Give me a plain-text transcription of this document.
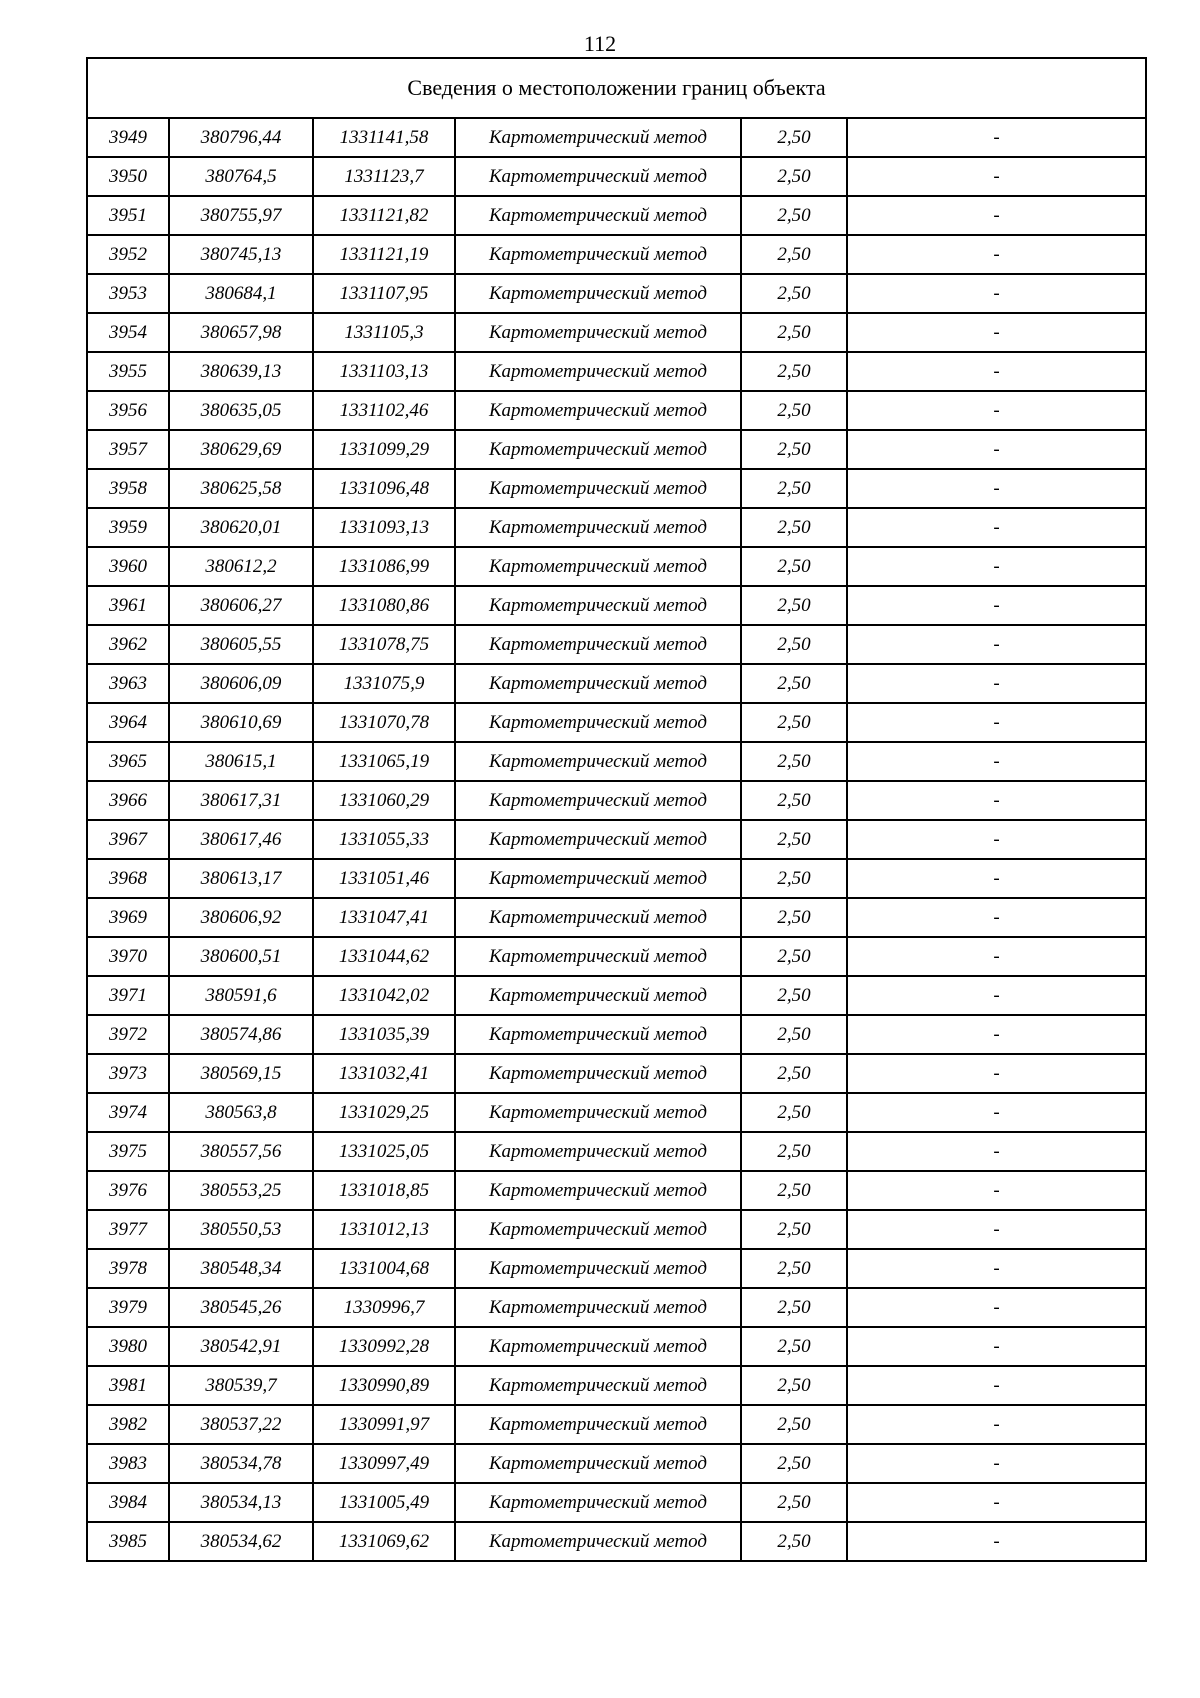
112
Сведения о местоположении границ объекта					
3949	380796,44	1331141,58	Картометрический метод	2,50	-
3950	380764,5	1331123,7	Картометрический метод	2,50	-
3951	380755,97	1331121,82	Картометрический метод	2,50	-
3952	380745,13	1331121,19	Картометрический метод	2,50	-
3953	380684,1	1331107,95	Картометрический метод	2,50	-
3954	380657,98	1331105,3	Картометрический метод	2,50	-
3955	380639,13	1331103,13	Картометрический метод	2,50	-
3956	380635,05	1331102,46	Картометрический метод	2,50	-
3957	380629,69	1331099,29	Картометрический метод	2,50	-
3958	380625,58	1331096,48	Картометрический метод	2,50	-
3959	380620,01	1331093,13	Картометрический метод	2,50	-
3960	380612,2	1331086,99	Картометрический метод	2,50	-
3961	380606,27	1331080,86	Картометрический метод	2,50	-
3962	380605,55	1331078,75	Картометрический метод	2,50	-
3963	380606,09	1331075,9	Картометрический метод	2,50	-
3964	380610,69	1331070,78	Картометрический метод	2,50	-
3965	380615,1	1331065,19	Картометрический метод	2,50	-
3966	380617,31	1331060,29	Картометрический метод	2,50	-
3967	380617,46	1331055,33	Картометрический метод	2,50	-
3968	380613,17	1331051,46	Картометрический метод	2,50	-
3969	380606,92	1331047,41	Картометрический метод	2,50	-
3970	380600,51	1331044,62	Картометрический метод	2,50	-
3971	380591,6	1331042,02	Картометрический метод	2,50	-
3972	380574,86	1331035,39	Картометрический метод	2,50	-
3973	380569,15	1331032,41	Картометрический метод	2,50	-
3974	380563,8	1331029,25	Картометрический метод	2,50	-
3975	380557,56	1331025,05	Картометрический метод	2,50	-
3976	380553,25	1331018,85	Картометрический метод	2,50	-
3977	380550,53	1331012,13	Картометрический метод	2,50	-
3978	380548,34	1331004,68	Картометрический метод	2,50	-
3979	380545,26	1330996,7	Картометрический метод	2,50	-
3980	380542,91	1330992,28	Картометрический метод	2,50	-
3981	380539,7	1330990,89	Картометрический метод	2,50	-
3982	380537,22	1330991,97	Картометрический метод	2,50	-
3983	380534,78	1330997,49	Картометрический метод	2,50	-
3984	380534,13	1331005,49	Картометрический метод	2,50	-
3985	380534,62	1331069,62	Картометрический метод	2,50	-
